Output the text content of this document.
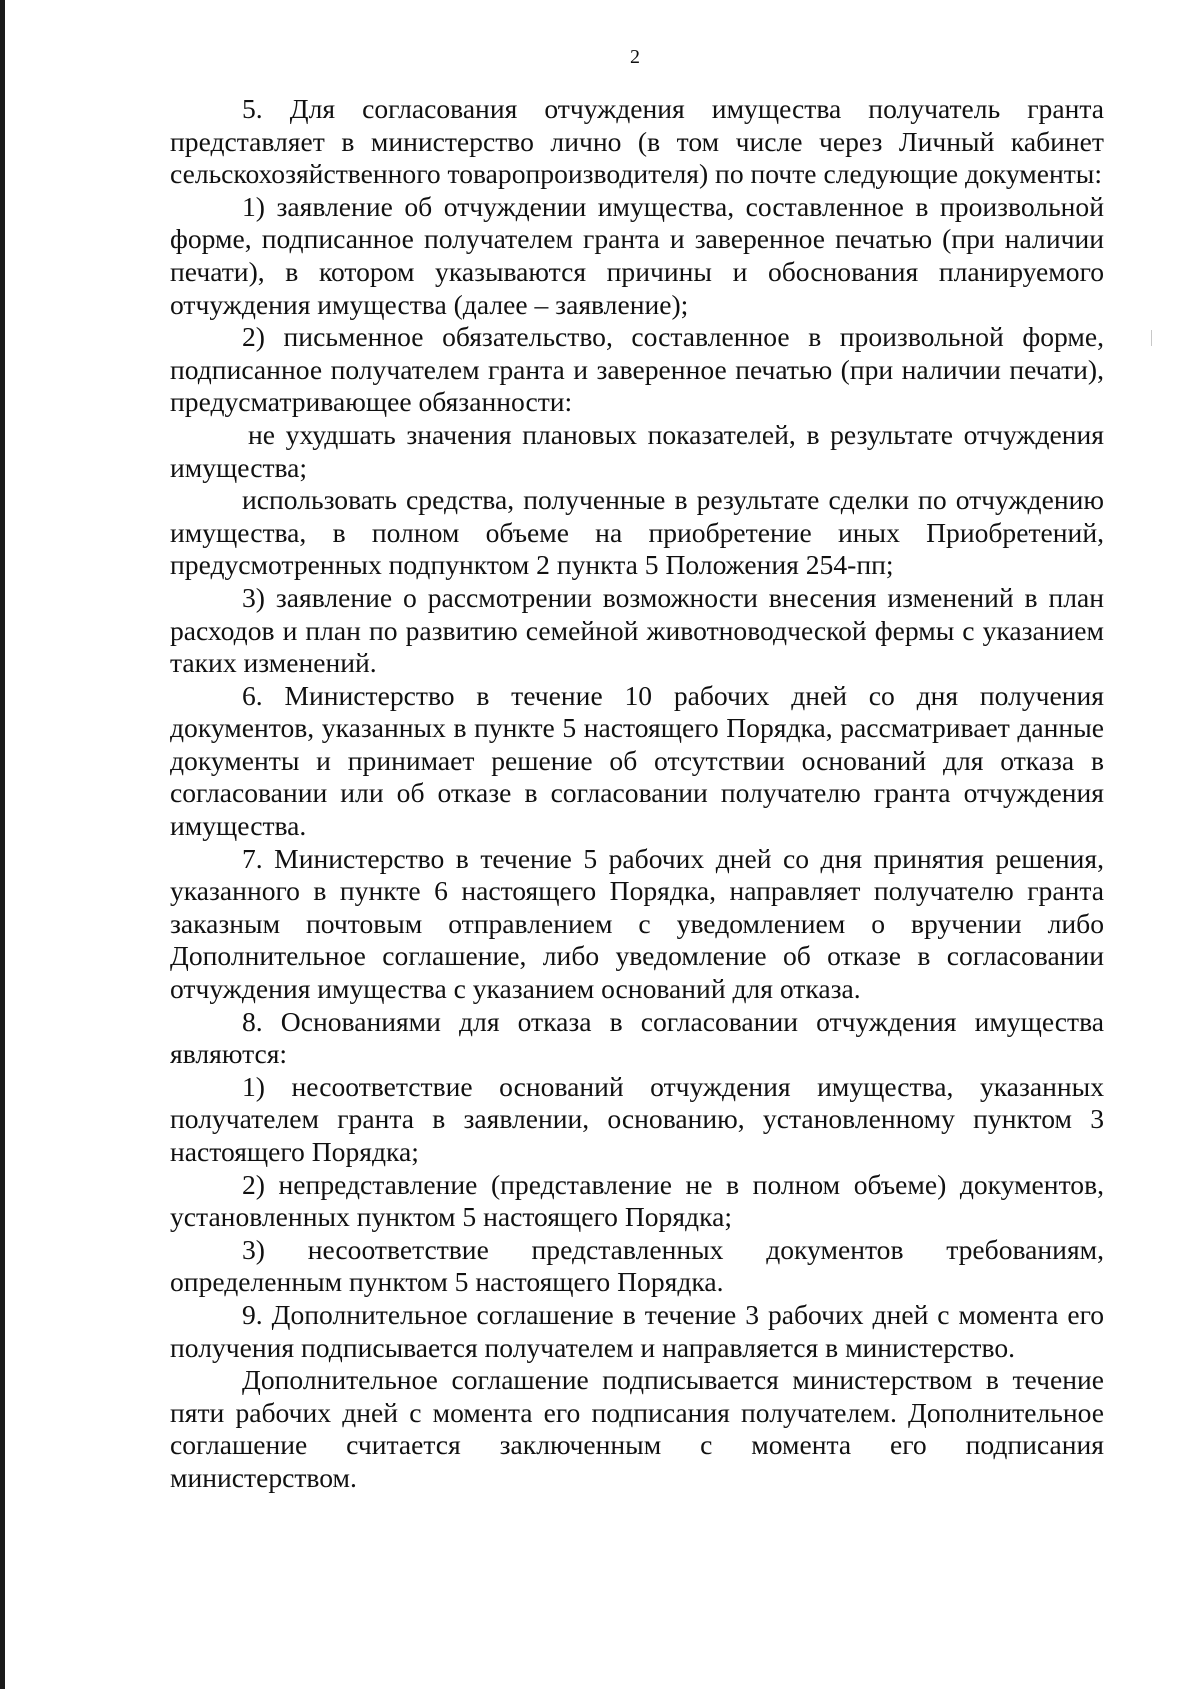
2

5. Для согласования отчуждения имущества получатель гранта представляет в министерство лично (в том числе через Личный кабинет сельскохозяйственного товаропроизводителя) по почте следующие документы:

1) заявление об отчуждении имущества, составленное в произвольной форме, подписанное получателем гранта и заверенное печатью (при наличии печати), в котором указываются причины и обоснования планируемого отчуждения имущества (далее – заявление);

2) письменное обязательство, составленное в произвольной форме, подписанное получателем гранта и заверенное печатью (при наличии печати), предусматривающее обязанности:

не ухудшать значения плановых показателей, в результате отчуждения имущества;

использовать средства, полученные в результате сделки по отчуждению имущества, в полном объеме на приобретение иных Приобретений, предусмотренных подпунктом 2 пункта 5 Положения 254-пп;

3) заявление о рассмотрении возможности внесения изменений в план расходов и план по развитию семейной животноводческой фермы с указанием таких изменений.

6. Министерство в течение 10 рабочих дней со дня получения документов, указанных в пункте 5 настоящего Порядка, рассматривает данные документы и принимает решение об отсутствии оснований для отказа в согласовании или об отказе в согласовании получателю гранта отчуждения имущества.

7. Министерство в течение 5 рабочих дней со дня принятия решения, указанного в пункте 6 настоящего Порядка, направляет получателю гранта заказным почтовым отправлением с уведомлением о вручении либо Дополнительное соглашение, либо уведомление об отказе в согласовании отчуждения имущества с указанием оснований для отказа.

8. Основаниями для отказа в согласовании отчуждения имущества являются:

1) несоответствие оснований отчуждения имущества, указанных получателем гранта в заявлении, основанию, установленному пунктом 3 настоящего Порядка;

2) непредставление (представление не в полном объеме) документов, установленных пунктом 5 настоящего Порядка;

3) несоответствие представленных документов требованиям, определенным пунктом 5 настоящего Порядка.

9. Дополнительное соглашение в течение 3 рабочих дней с момента его получения подписывается получателем и направляется в министерство.

Дополнительное соглашение подписывается министерством в течение пяти рабочих дней с момента его подписания получателем. Дополнительное соглашение считается заключенным с момента его подписания министерством.
